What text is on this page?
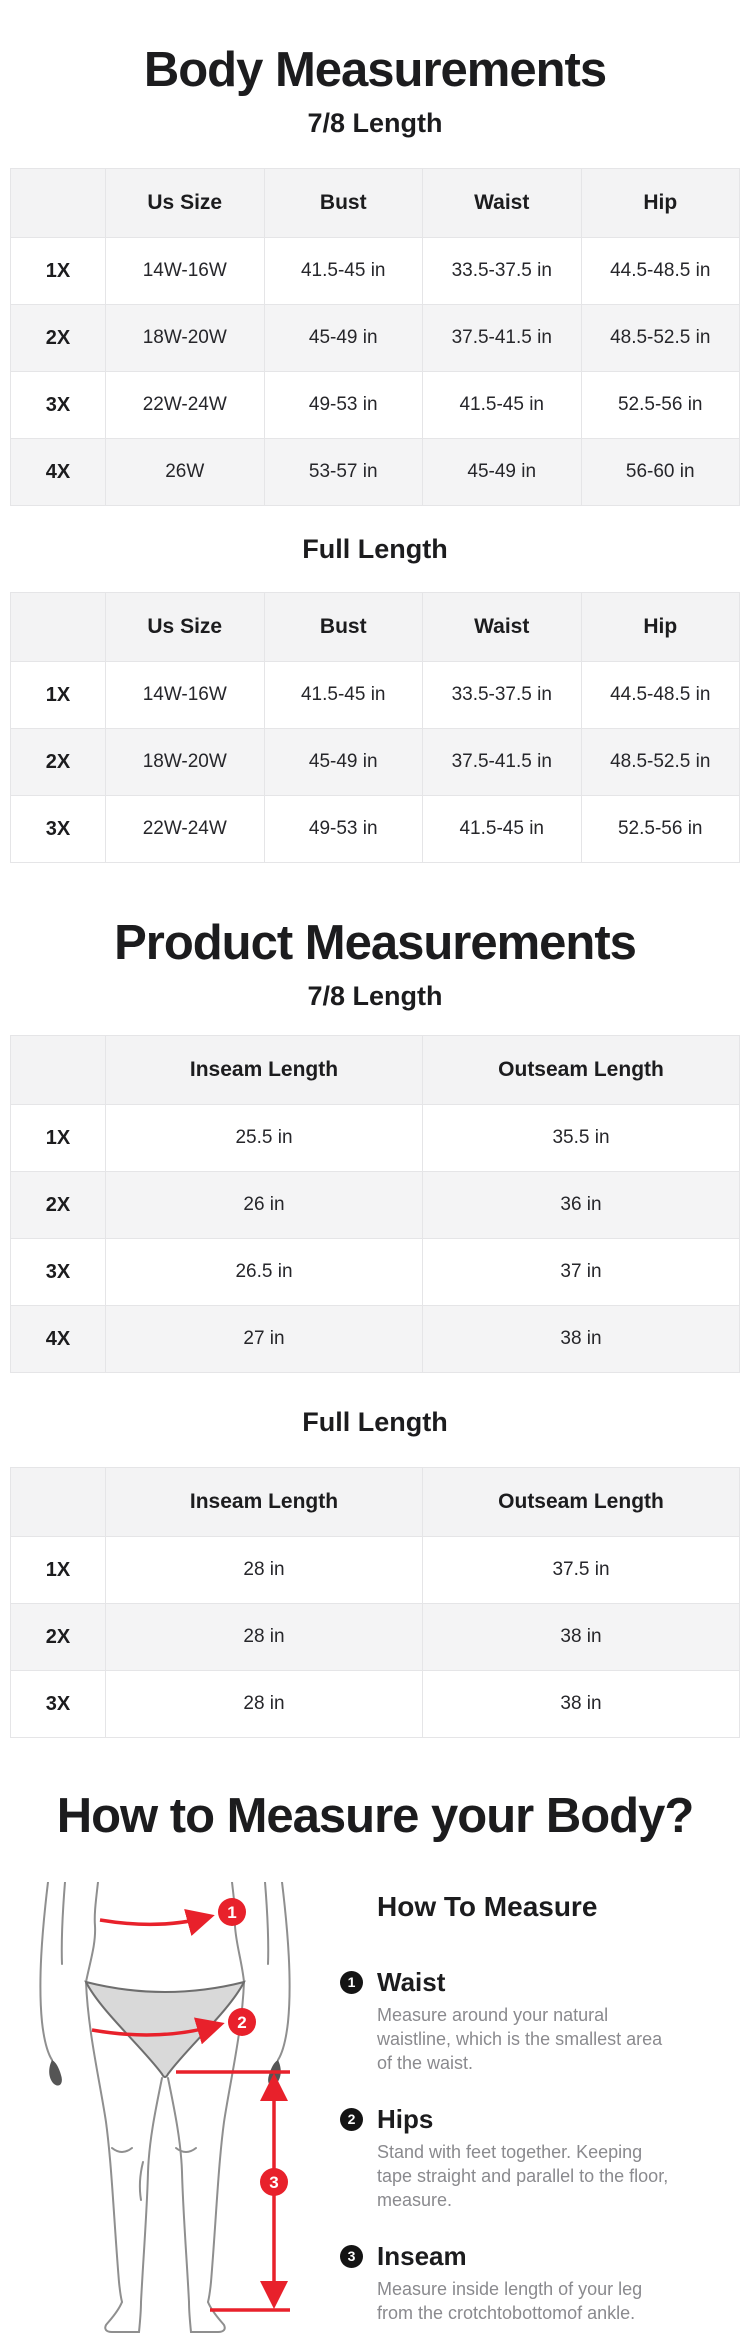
Body Measurements
7/8 Length
	Us Size	Bust	Waist	Hip
1X	14W-16W	41.5-45 in	33.5-37.5 in	44.5-48.5 in
2X	18W-20W	45-49 in	37.5-41.5 in	48.5-52.5 in
3X	22W-24W	49-53 in	41.5-45 in	52.5-56 in
4X	26W	53-57 in	45-49 in	56-60 in
Full Length
	Us Size	Bust	Waist	Hip
1X	14W-16W	41.5-45 in	33.5-37.5 in	44.5-48.5 in
2X	18W-20W	45-49 in	37.5-41.5 in	48.5-52.5 in
3X	22W-24W	49-53 in	41.5-45 in	52.5-56 in
Product Measurements
7/8 Length
	Inseam Length	Outseam Length
1X	25.5 in	35.5 in
2X	26 in	36 in
3X	26.5 in	37 in
4X	27 in	38 in
Full Length
	Inseam Length	Outseam Length
1X	28 in	37.5 in
2X	28 in	38 in
3X	28 in	38 in
How to Measure your Body?
1
2
3
How To Measure
1 Waist
Measure around your natural waistline, which is the smallest area of the waist.
2 Hips
Stand with feet together. Keeping tape straight and parallel to the floor, measure.
3 Inseam
Measure inside length of your leg from the crotchtobottomof ankle.
